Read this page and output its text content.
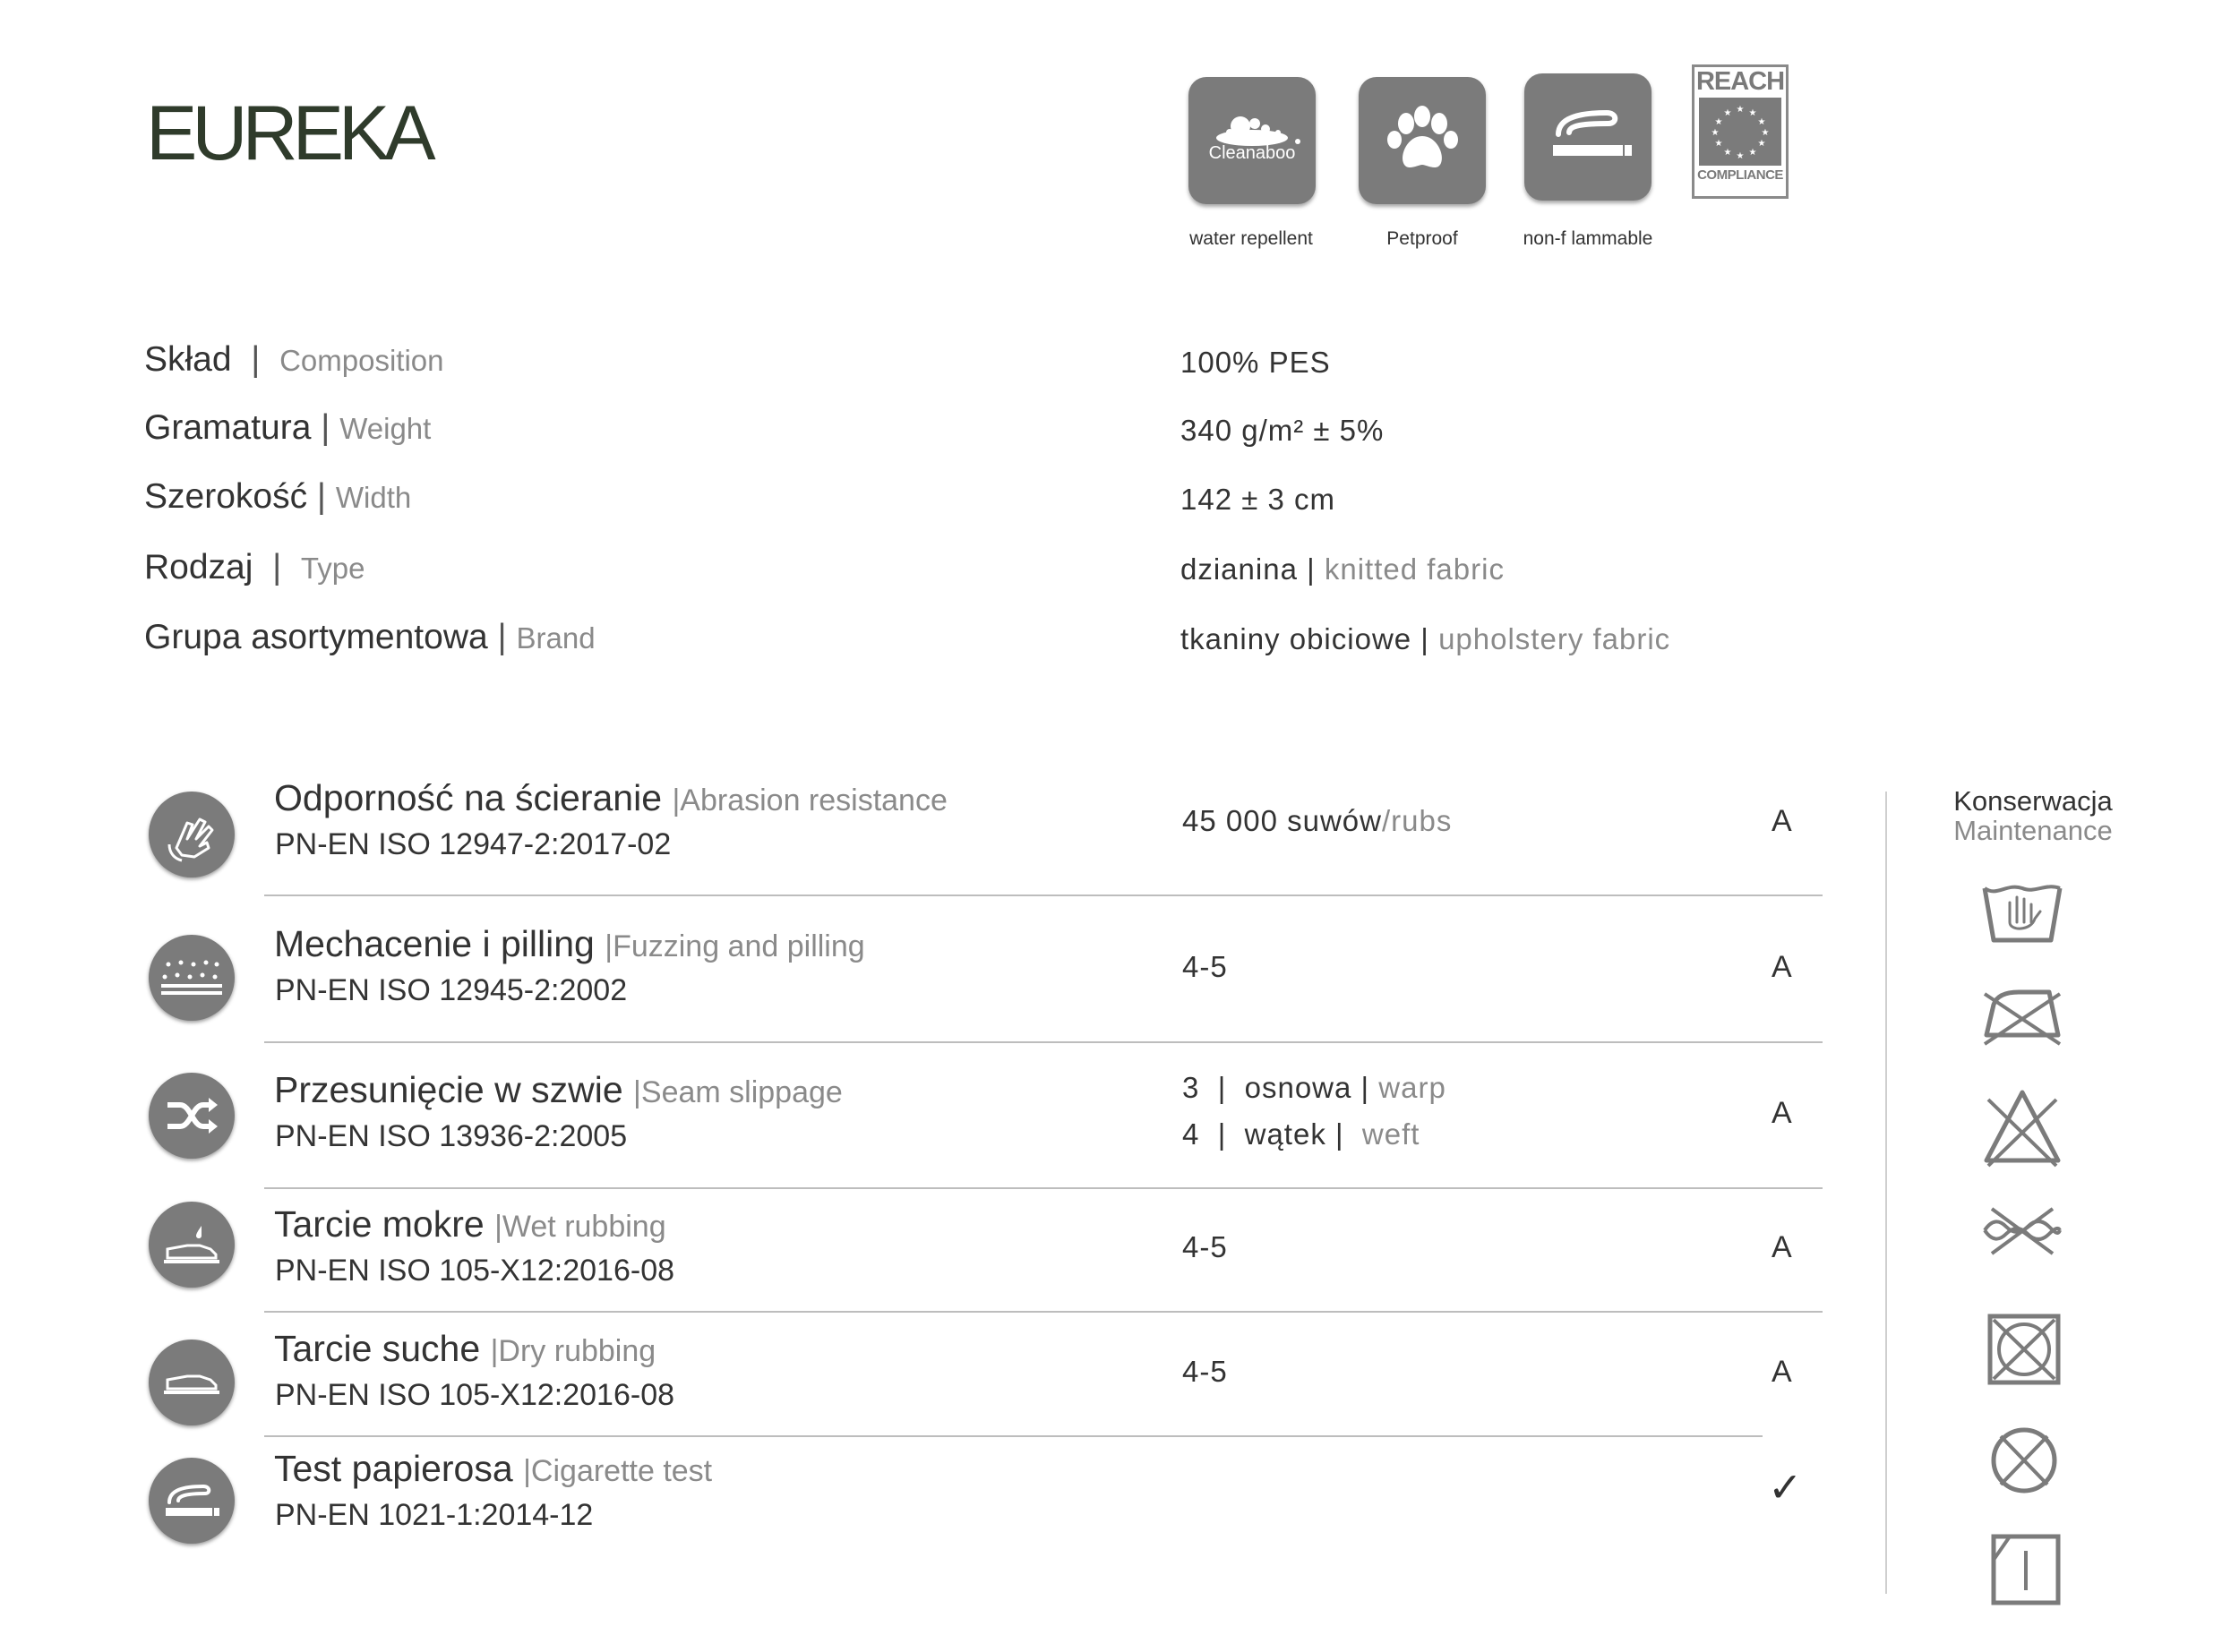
EUREKA	Cleanaboo
water repellent	Petproof	non-f lammable
REACH
★ ★
★
★
★
★
★
★
★
★
★
★
COMPLIANCE
Skład  |  Composition	100% PES
Gramatura | Weight	340 g/m² ± 5%
Szerokość | Width	142 ± 3 cm
Rodzaj  |  Type	dzianina | knitted fabric
Grupa asortymentowa | Brand	tkaniny obiciowe | upholstery fabric
Odporność na ścieranie |Abrasion resistance
PN-EN ISO 12947-2:2017-02
45 000 suwów/rubs	A
Mechacenie i pilling |Fuzzing and pilling
PN-EN ISO 12945-2:2002
4-5	A
Przesunięcie w szwie |Seam slippage
PN-EN ISO 13936-2:2005
3  |  osnowa | warp
4  |  wątek |  weft
A
Tarcie mokre |Wet rubbing
PN-EN ISO 105-X12:2016-08
4-5	A
Tarcie suche |Dry rubbing
PN-EN ISO 105-X12:2016-08
4-5	A
Test papierosa |Cigarette test
PN-EN 1021-1:2014-12
✓
Konserwacja
Maintenance
